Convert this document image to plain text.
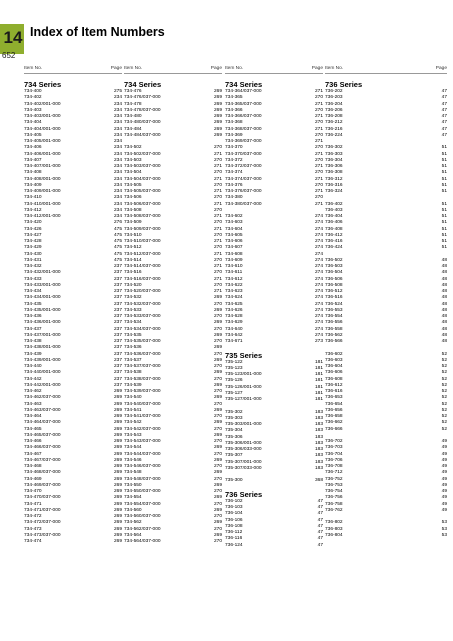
14
652
Index of Item Numbers
Item No.	Page
734 Series
734-400	275
734-402	234
734-402/001-000	234
734-403	234
734-403/001-000	234
734-404	234
734-404/001-000	234
734-405	234
734-405/001-000	234
734-406	234
734-406/001-000	234
734-407	234
734-407/001-000	234
734-408	234
734-408/001-000	234
734-409	234
734-409/001-000	234
734-410	234
734-410/001-000	234
734-412	234
734-412/001-000	234
734-420	276
734-426	475
734-427	475
734-428	475
734-429	475
734-430	475
734-431	475
734-432	237
734-432/001-000	237
734-433	237
734-433/001-000	237
734-434	237
734-434/001-000	237
734-435	237
734-435/001-000	237
734-436	237
734-436/001-000	237
734-437	237
734-437/001-000	237
734-438	237
734-438/001-000	237
734-439	237
734-439/001-000	237
734-440	237
734-440/001-000	237
734-442	237
734-442/001-000	237
734-462	269
734-462/037-000	269
734-463	269
734-463/037-000	269
734-464	269
734-464/037-000	269
734-465	269
734-465/037-000	269
734-466	269
734-466/037-000	269
734-467	269
734-467/037-000	269
734-468	269
734-468/037-000	269
734-469	269
734-469/037-000	269
734-470	269
734-470/037-000	269
734-471	269
734-471/037-000	269
734-472	269
734-472/037-000	269
734-473	269
734-473/037-000	269
734-474	269
Item No.	Page
734 Series
734-476	269
734-476/037-000	269
734-478	269
734-478/037-000	269
734-480	269
734-480/037-000	269
734-484	269
734-484/037-000	269
734-502	270
734-502/037-000	271
734-503	270
734-503/037-000	271
734-504	270
734-504/037-000	271
734-505	270
734-505/037-000	271
734-506	270
734-506/037-000	271
734-508	270
734-508/037-000	271
734-509	270
734-509/037-000	271
734-510	270
734-510/037-000	271
734-512	270
734-512/037-000	271
734-514	270
734-514/037-000	271
734-516	270
734-516/037-000	271
734-520	270
734-520/037-000	271
734-532	269
734-532/037-000	270
734-533	269
734-533/037-000	270
734-534	269
734-534/037-000	270
734-535	269
734-535/037-000	270
734-536	269
734-536/037-000	270
734-537	269
734-537/037-000	270
734-538	269
734-538/037-000	270
734-539	269
734-539/037-000	270
734-540	269
734-540/037-000	270
734-541	269
734-541/037-000	270
734-542	269
734-542/037-000	270
734-543	269
734-543/037-000	270
734-544	269
734-544/037-000	270
734-546	269
734-546/037-000	270
734-548	269
734-548/037-000	270
734-550	269
734-550/037-000	270
734-554	269
734-554/037-000	270
734-560	269
734-560/037-000	270
734-562	269
734-562/037-000	270
734-564	269
734-564/037-000	270
Item No.	Page
734 Series
734-364/037-000	271
734-365	270
734-365/037-000	271
734-366	270
734-366/037-000	271
734-368	270
734-368/037-000	271
734-369	270
734-369/037-000	271
734-370	270
734-370/037-000	271
734-372	270
734-372/037-000	271
734-374	270
734-374/037-000	271
734-376	270
734-376/037-000	271
734-380	270
734-380/037-000	271
734-602	274
734-603	274
734-604	274
734-605	274
734-606	274
734-607	274
734-608	274
734-609	274
734-610	274
734-611	274
734-612	274
734-622	274
734-623	274
734-624	274
734-625	274
734-626	274
734-628	274
734-629	274
734-640	274
734-642	274
734-671	273
735 Series
735-122	181
735-123	181
735-123/001-000	181
735-126	181
735-126/001-000	181
735-127	181
735-127/001-000	181
735-302	183
735-303	183
735-303/001-000	183
735-304	183
735-306	183
735-306/001-000	183
735-306/033-000	183
735-307	183
735-307/001-000	183
735-307/033-000	183
735-300	368
736 Series
736-102	47
736-103	47
736-104	47
736-106	47
736-108	47
736-112	47
736-116	47
736-124	47
Item No.	Page
736 Series
736-202	47
736-203	47
736-204	47
736-206	47
736-208	47
736-212	47
736-216	47
736-224	47
736-302	51
736-303	51
736-304	51
736-306	51
736-308	51
736-312	51
736-316	51
736-324	51
736-402	51
736-403	51
736-404	51
736-406	51
736-408	51
736-412	51
736-416	51
736-424	51
736-502	48
736-503	48
736-504	48
736-506	48
736-508	48
736-512	48
736-516	48
736-524	48
736-553	48
736-554	48
736-556	48
736-558	48
736-562	48
736-566	48
736-602	52
736-603	52
736-604	52
736-606	52
736-608	52
736-612	52
736-616	52
736-653	52
736-654	52
736-656	52
736-658	52
736-662	52
736-666	52
736-702	49
736-703	49
736-704	49
736-706	49
736-708	49
736-712	49
736-752	49
736-753	49
736-754	49
736-756	49
736-758	49
736-762	49
736-802	53
736-803	53
736-804	53
